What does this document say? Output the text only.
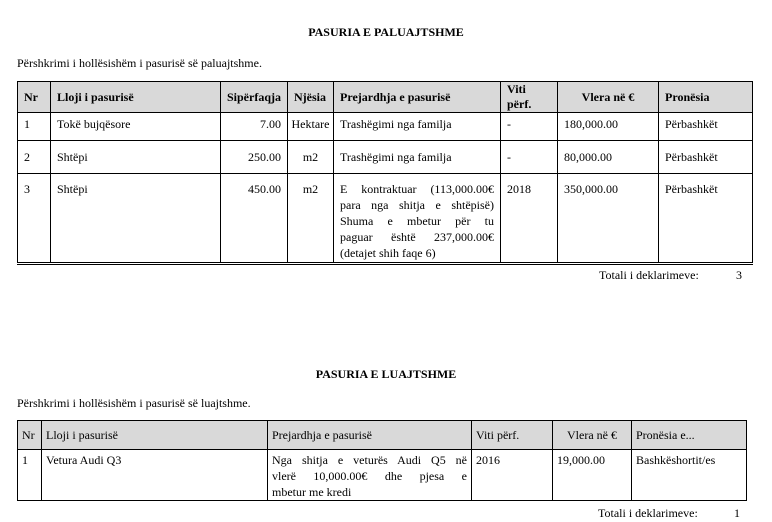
PASURIA E PALUAJTSHME
Përshkrimi i hollësishëm i pasurisë së paluajtshme.
Nr	Lloji i pasurisë	Sipërfaqja	Njësia	Prejardhja e pasurisë	Viti përf.	Vlera në €	Pronësia
1	Tokë bujqësore	7.00	Hektare	Trashëgimi nga familja	-	180,000.00	Përbashkët
2	Shtëpi	250.00	m2	Trashëgimi nga familja	-	80,000.00	Përbashkët
3	Shtëpi	450.00	m2	E kontraktuar (113,000.00€
para nga shitja e shtëpisë)
Shuma e mbetur për tu
paguar është 237,000.00€
(detajet shih faqe 6)	2018	350,000.00	Përbashkët
Totali i deklarimeve:	3
PASURIA E LUAJTSHME
Përshkrimi i hollësishëm i pasurisë së luajtshme.
Nr	Lloji i pasurisë	Prejardhja e pasurisë	Viti përf.	Vlera në €	Pronësia e...
1	Vetura Audi Q3	Nga shitja e veturës Audi Q5 në
vlerë 10,000.00€ dhe pjesa e
mbetur me kredi	2016	19,000.00	Bashkëshortit/es
Totali i deklarimeve:	1
